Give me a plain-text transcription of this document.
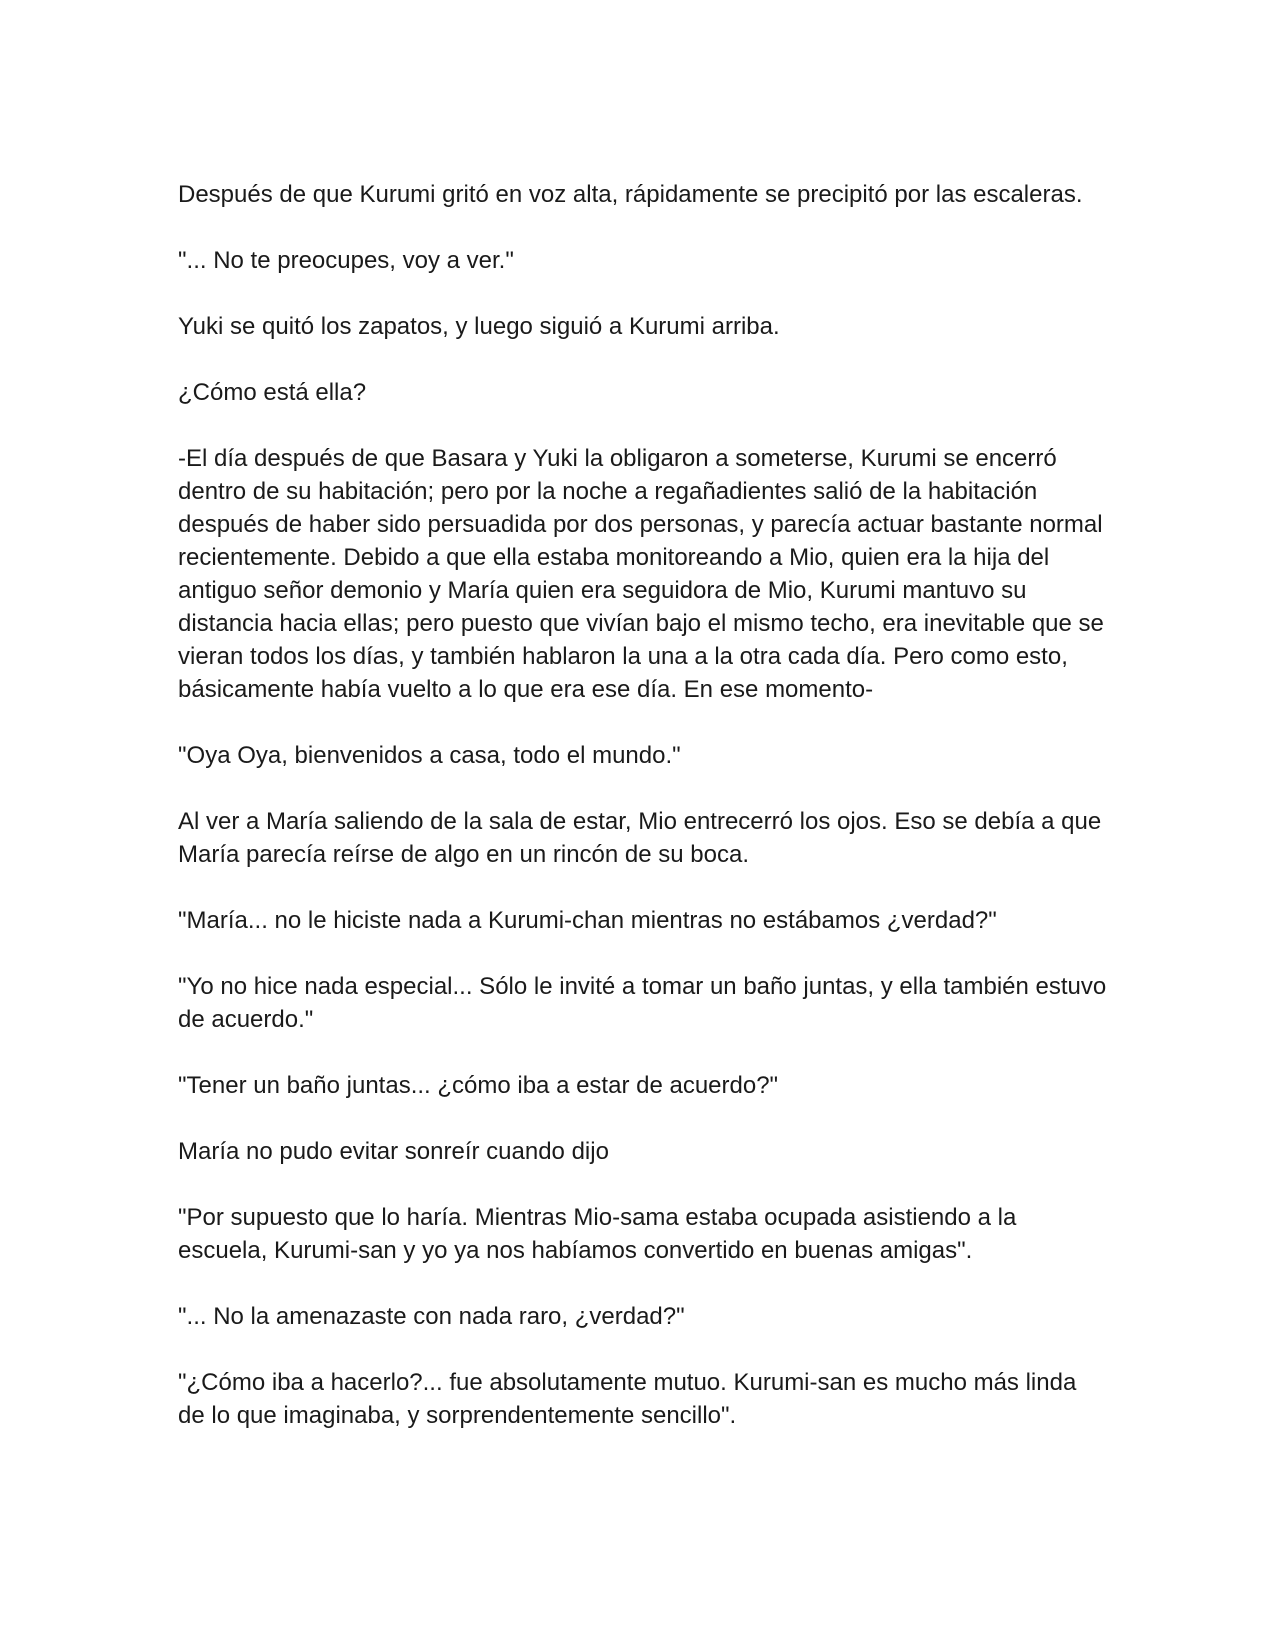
Después de que Kurumi gritó en voz alta, rápidamente se precipitó por las escaleras.

"... No te preocupes, voy a ver."

Yuki se quitó los zapatos, y luego siguió a Kurumi arriba.

¿Cómo está ella?

-El día después de que Basara y Yuki la obligaron a someterse, Kurumi se encerró dentro de su habitación; pero por la noche a regañadientes salió de la habitación después de haber sido persuadida por dos personas, y parecía actuar bastante normal recientemente. Debido a que ella estaba monitoreando a Mio, quien era la hija del antiguo señor demonio y María quien era seguidora de Mio, Kurumi mantuvo su distancia hacia ellas; pero puesto que vivían bajo el mismo techo, era inevitable que se vieran todos los días, y también hablaron la una a la otra cada día. Pero como esto, básicamente había vuelto a lo que era ese día. En ese momento-

"Oya Oya, bienvenidos a casa, todo el mundo."

Al ver a María saliendo de la sala de estar, Mio entrecerró los ojos. Eso se debía a que María parecía reírse de algo en un rincón de su boca.

"María... no le hiciste nada a Kurumi-chan mientras no estábamos ¿verdad?"

"Yo no hice nada especial... Sólo le invité a tomar un baño juntas, y ella también estuvo de acuerdo."

"Tener un baño juntas... ¿cómo iba a estar de acuerdo?"

María no pudo evitar sonreír cuando dijo

"Por supuesto que lo haría. Mientras Mio-sama estaba ocupada asistiendo a la escuela, Kurumi-san y yo ya nos habíamos convertido en buenas amigas".

"... No la amenazaste con nada raro, ¿verdad?"

"¿Cómo iba a hacerlo?... fue absolutamente mutuo. Kurumi-san es mucho más linda de lo que imaginaba, y sorprendentemente sencillo".
